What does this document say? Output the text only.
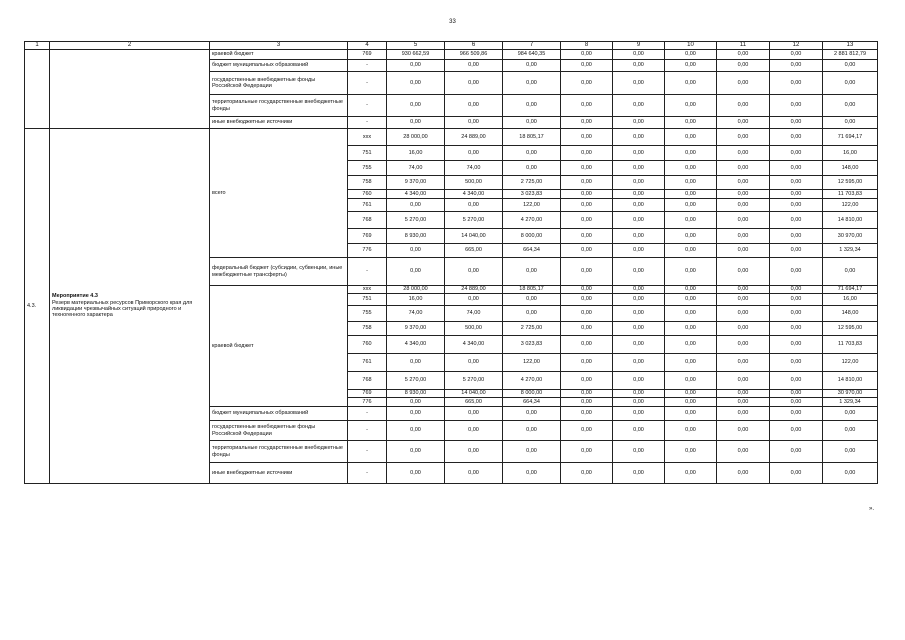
33
1	2	3	4	5	6	7	8	9	10	11	12	13
		краевой бюджет	769	930 662,59	966 509,86	984 640,35	0,00	0,00	0,00	0,00	0,00	2 881 812,79
		бюджет муниципальных образований	-	0,00	0,00	0,00	0,00	0,00	0,00	0,00	0,00	0,00
		государственные внебюджетные фонды Российской Федерации	-	0,00	0,00	0,00	0,00	0,00	0,00	0,00	0,00	0,00
		территориальные государственные внебюджетные фонды	-	0,00	0,00	0,00	0,00	0,00	0,00	0,00	0,00	0,00
		иные внебюджетные источники	-	0,00	0,00	0,00	0,00	0,00	0,00	0,00	0,00	0,00
4.3.	Мероприятие 4.3
Резерв материальных ресурсов Приморского края для ликвидации чрезвычайных ситуаций природного и техногенного характера	всего	xxx	28 000,00	24 889,00	18 805,17	0,00	0,00	0,00	0,00	0,00	71 694,17
			751	16,00	0,00	0,00	0,00	0,00	0,00	0,00	0,00	16,00
			755	74,00	74,00	0,00	0,00	0,00	0,00	0,00	0,00	148,00
			758	9 370,00	500,00	2 725,00	0,00	0,00	0,00	0,00	0,00	12 595,00
			760	4 340,00	4 340,00	3 023,83	0,00	0,00	0,00	0,00	0,00	11 703,83
			761	0,00	0,00	122,00	0,00	0,00	0,00	0,00	0,00	122,00
			768	5 270,00	5 270,00	4 270,00	0,00	0,00	0,00	0,00	0,00	14 810,00
			769	8 930,00	14 040,00	8 000,00	0,00	0,00	0,00	0,00	0,00	30 970,00
			776	0,00	665,00	664,34	0,00	0,00	0,00	0,00	0,00	1 329,34
		федеральный бюджет (субсидии, субвенции, иные межбюджетные трансферты)	-	0,00	0,00	0,00	0,00	0,00	0,00	0,00	0,00	0,00
		краевой бюджет	xxx	28 000,00	24 889,00	18 805,17	0,00	0,00	0,00	0,00	0,00	71 694,17
			751	16,00	0,00	0,00	0,00	0,00	0,00	0,00	0,00	16,00
			755	74,00	74,00	0,00	0,00	0,00	0,00	0,00	0,00	148,00
			758	9 370,00	500,00	2 725,00	0,00	0,00	0,00	0,00	0,00	12 595,00
			760	4 340,00	4 340,00	3 023,83	0,00	0,00	0,00	0,00	0,00	11 703,83
			761	0,00	0,00	122,00	0,00	0,00	0,00	0,00	0,00	122,00
			768	5 270,00	5 270,00	4 270,00	0,00	0,00	0,00	0,00	0,00	14 810,00
			769	8 930,00	14 040,00	8 000,00	0,00	0,00	0,00	0,00	0,00	30 970,00
			776	0,00	665,00	664,34	0,00	0,00	0,00	0,00	0,00	1 329,34
		бюджет муниципальных образований	-	0,00	0,00	0,00	0,00	0,00	0,00	0,00	0,00	0,00
		государственные внебюджетные фонды Российской Федерации	-	0,00	0,00	0,00	0,00	0,00	0,00	0,00	0,00	0,00
		территориальные государственные внебюджетные фонды	-	0,00	0,00	0,00	0,00	0,00	0,00	0,00	0,00	0,00
		иные внебюджетные источники	-	0,00	0,00	0,00	0,00	0,00	0,00	0,00	0,00	0,00
».
